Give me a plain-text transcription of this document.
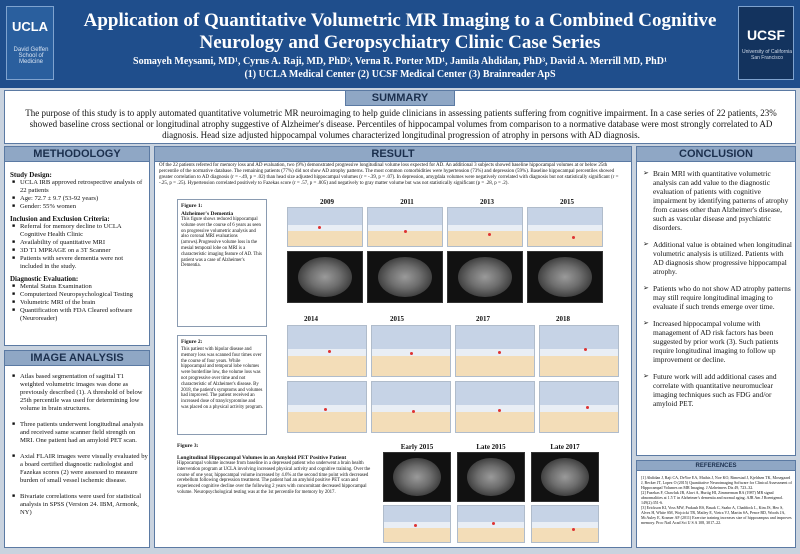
UCLA
David Geffen School of Medicine
Application of Quantitative Volumetric MR Imaging to a Combined Cognitive Neurology and Geropsychiatry Clinic Case Series
Somayeh Meysami, MD¹, Cyrus A. Raji, MD, PhD², Verna R. Porter MD¹, Jamila Ahdidan, PhD³, David A. Merrill MD, PhD¹
(1) UCLA Medical Center (2) UCSF Medical Center (3) Brainreader ApS
UCSF
University of California San Francisco
SUMMARY

The purpose of this study is to apply automated quantitative volumetric MR neuroimaging to help guide clinicians in assessing patients suffering from cognitive impairment. In a case series of 22 patients, 23% showed baseline cross sectional or longitudinal atrophy suggestive of Alzheimer's disease. Percentiles of hippocampal volumes from comparison to a normative database were most strongly correlated to AD diagnosis. Head size adjusted hippocampal volumes characterized longitudinal progression of atrophy in persons with AD diagnosis.

METHODOLOGY
Study Design:
■ UCLA IRB approved retrospective analysis of 22 patients
■ Age: 72.7 ± 9.7 (53-92 years)
■ Gender: 55% women
Inclusion and Exclusion Criteria:
■ Referral for memory decline to UCLA Cognitive Health Clinic
■ Availability of quantitative MRI
■ 3D T1 MPRAGE on a 3T Scanner
■ Patients with severe dementia were not included in the study.
Diagnostic Evaluation:
■ Mental Status Examination
■ Computerized Neuropsychological Testing
■ Volumetric MRI of the brain
■ Quantification with FDA Cleared software (Neuroreader)
IMAGE ANALYSIS
■ Atlas based segmentation of sagittal T1 weighted volumetric images was done as previously described (1). A threshold of below 25th percentile was used for determining low volume in brain structures.
■ Three patients underwent longitudinal analysis and received same scanner field strength on MRI. One patient had an amyloid PET scan.
■ Axial FLAIR images were visually evaluated by a board certified diagnostic radiologist and Fazekas scores (2) were assessed to measure burden of small vessel ischemic disease.
■ Bivariate correlations were used for statistical analysis in SPSS (Version 24. IBM, Armonk, NY)
RESULT
Of the 22 patients referred for memory loss and AD evaluation, two (9%) demonstrated progressive longitudinal volume loss expected for AD. An additional 3 subjects showed baseline hippocampal volumes at or below 25th percentile of the normative database. The remaining patients (77%) did not show AD atrophy patterns. The most common comorbidities were hypertension (73%) and depression (59%). Baseline hippocampal percentiles showed greater correlation to AD diagnosis (r = -.49, p = .02) than head size adjusted hippocampal volumes (r = -.39, p = .07). In depression, amygdala volumes were negatively correlated with diagnosis but not statistically significant (r = -.25, p = .25). Hypertension correlated positively to Fazekas score (r = .57, p = .005) and negatively to gray matter volume but was not statistically significant (p = .28, p = .2).
Figure 1:
Alzheimer's Dementia
This figure shows reduced hippocampal volume over the course of 6 years as seen on progressive volumetric analysis and also coronal MRI evaluations (arrows).Progressive volume loss in the mesial temporal lobe on MRI is a characteristic imaging feature of AD. This patient was a case of Alzheimer's Dementia.
2009	2011	2013	2015
Figure 2:
This patient with bipolar disease and memory loss was scanned four times over the course of four years. While hippocampal and temporal lobe volumes were borderline low, the volume loss was not progressive over time and not characteristic of Alzheimer's disease. By 2018, the patient's symptoms and volumes had improved. The patient received an increased dose of tranylcypromine and was placed on a physical activity program.
2014	2015	2017	2018
Early 2015	Late 2015	Late 2017
Figure 3:
Longitudinal Hippocampal Volumes in an Amyloid PET Positive Patient
Hippocampal volume increase from baseline in a depressed patient who underwent a brain health intervention program at UCLA involving increased physical activity and cognitive training. Over the course of one year, hippocampal volume increased by 4.6% at the second time point with decreased cerebellum following depression treatment. The patient had an amyloid positive PET scan and experienced cognitive decline over the following 2 years with concomitant decreased hippocampal volume. Neuropsychological testing was at the 1st percentile for memory by 2017.
CONCLUSION
➢ Brain MRI with quantitative volumetric analysis can add value to the diagnostic evaluation of patients with cognitive impairment by identifying patterns of atrophy from causes other than Alzheimer's disease, such as vascular disease and psychiatric disorders.
➢ Additional value is obtained when longitudinal volumetric analysis is utilized. Patients with AD diagnosis show progressive hippocampal atrophy.
➢ Patients who do not show AD atrophy patterns may still require longitudinal imaging to evaluate if such trends emerge over time.
➢ Increased hippocampal volume with management of AD risk factors has been suggested by prior work (3). Such patients require longitudinal imaging to follow up improvement or decline.
➢ Future work will add additional cases and correlate with quantitative neuromuclear imaging techniques such as FDG and/or amyloid PET.
REFERENCES
[1] Ahdidan J, Raji CA, DeYoe EA, Mathis J, Noe KO, Rimestad J, Kjeldsen TK, Mosegaard J, Becker JT, Lopez O (2015) Quantitative Neuroimaging Software for Clinical Assessment of Hippocampal Volumes on MR Imaging. J Alzheimers Dis 49, 723–32.
[2] Fazekas F, Chawluk JB, Alavi A, Hurtig HI, Zimmerman RA (1987) MR signal abnormalities at 1.5 T in Alzheimer's dementia and normal aging. AJR Am J Roentgenol. 149(2):351-6.
[3] Erickson KI, Voss MW, Prakash RS, Basak C, Szabo A, Chaddock L, Kim JS, Heo S, Alves H, White SM, Wojcicki TR, Mailey E, Vieira VJ, Martin SA, Pence BD, Woods JA, McAuley E, Kramer AF (2011) Exercise training increases size of hippocampus and improves memory. Proc Natl Acad Sci U S A 108, 3017–22.
